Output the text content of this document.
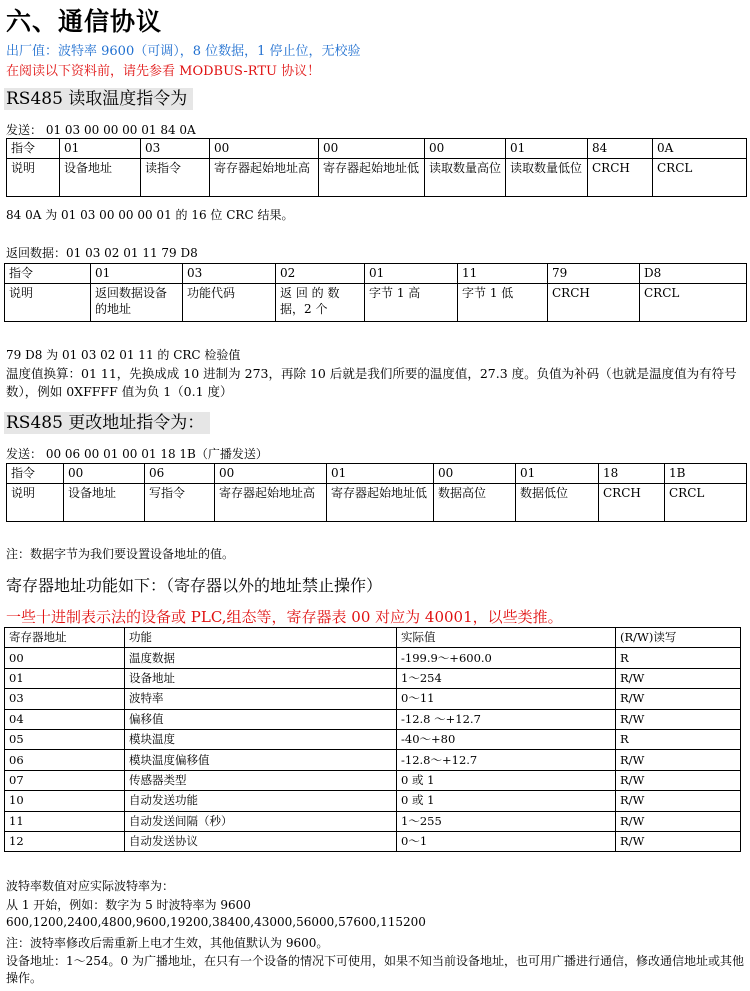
六、通信协议
出厂值：波特率 9600（可调），8 位数据，1 停止位，无校验
在阅读以下资料前，请先参看 MODBUS-RTU 协议！
RS485 读取温度指令为
发送： 01 03 00 00 00 01 84 0A
指令	01	03	00	00	00	01	84	0A
说明	设备地址	读指令	寄存器起始地址高	寄存器起始地址低	读取数量高位	读取数量低位	CRCH	CRCL
84 0A 为 01 03 00 00 00 01 的 16 位 CRC 结果。
返回数据：01 03 02 01 11 79 D8
指令	01	03	02	01	11	79	D8
说明	返回数据设备的地址	功能代码	返 回 的 数 据，2 个	字节 1 高	字节 1 低	CRCH	CRCL
79 D8 为 01 03 02 01 11 的 CRC 检验值
温度值换算：01 11，先换成成 10 进制为 273，再除 10 后就是我们所要的温度值，27.3 度。负值为补码（也就是温度值为有符号数），例如 0XFFFF 值为负 1（0.1 度）
RS485 更改地址指令为：
发送： 00 06 00 01 00 01 18 1B（广播发送）
指令	00	06	00	01	00	01	18	1B
说明	设备地址	写指令	寄存器起始地址高	寄存器起始地址低	数据高位	数据低位	CRCH	CRCL
注：数据字节为我们要设置设备地址的值。
寄存器地址功能如下：（寄存器以外的地址禁止操作）
一些十进制表示法的设备或 PLC,组态等，寄存器表 00 对应为 40001，以些类推。
寄存器地址	功能	实际值	(R/W)读写
00	温度数据	-199.9～+600.0	R
01	设备地址	1～254	R/W
03	波特率	0～11	R/W
04	偏移值	-12.8 ～+12.7	R/W
05	模块温度	-40～+80	R
06	模块温度偏移值	-12.8～+12.7	R/W
07	传感器类型	0 或 1	R/W
10	自动发送功能	0 或 1	R/W
11	自动发送间隔（秒）	1～255	R/W
12	自动发送协议	0～1	R/W
波特率数值对应实际波特率为：
从 1 开始，例如：数字为 5 时波特率为 9600
600,1200,2400,4800,9600,19200,38400,43000,56000,57600,115200
注：波特率修改后需重新上电才生效，其他值默认为 9600。
设备地址：1～254。0 为广播地址，在只有一个设备的情况下可使用，如果不知当前设备地址，也可用广播进行通信，修改通信地址或其他操作。
